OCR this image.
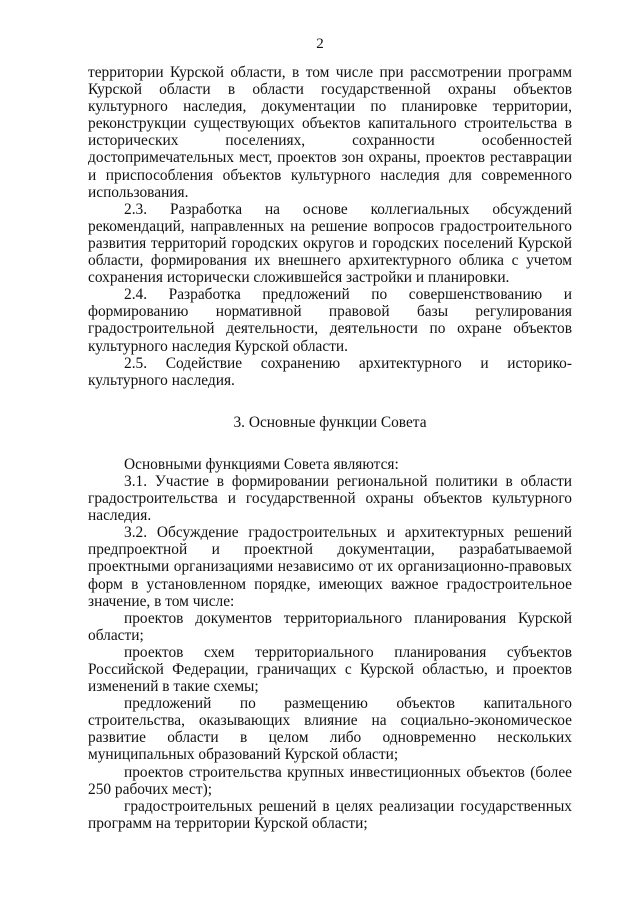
2

территории Курской области, в том числе при рассмотрении программ Курской области в области государственной охраны объектов культурного наследия, документации по планировке территории, реконструкции существующих объектов капитального строительства в исторических поселениях, сохранности особенностей достопримечательных мест, проектов зон охраны, проектов реставрации и приспособления объектов культурного наследия для современного использования.

2.3. Разработка на основе коллегиальных обсуждений рекомендаций, направленных на решение вопросов градостроительного развития территорий городских округов и городских поселений Курской области, формирования их внешнего архитектурного облика с учетом сохранения исторически сложившейся застройки и планировки.

2.4. Разработка предложений по совершенствованию и формированию нормативной правовой базы регулирования градостроительной деятельности, деятельности по охране объектов культурного наследия Курской области.

2.5. Содействие сохранению архитектурного и историко-культурного наследия.

3. Основные функции Совета

Основными функциями Совета являются:

3.1. Участие в формировании региональной политики в области градостроительства и государственной охраны объектов культурного наследия.

3.2. Обсуждение градостроительных и архитектурных решений предпроектной и проектной документации, разрабатываемой проектными организациями независимо от их организационно-правовых форм в установленном порядке, имеющих важное градостроительное значение, в том числе:

проектов документов территориального планирования Курской области;

проектов схем территориального планирования субъектов Российской Федерации, граничащих с Курской областью, и проектов изменений в такие схемы;

предложений по размещению объектов капитального строительства, оказывающих влияние на социально-экономическое развитие области в целом либо одновременно нескольких муниципальных образований Курской области;

проектов строительства крупных инвестиционных объектов (более 250 рабочих мест);

градостроительных решений в целях реализации государственных программ на территории Курской области;
